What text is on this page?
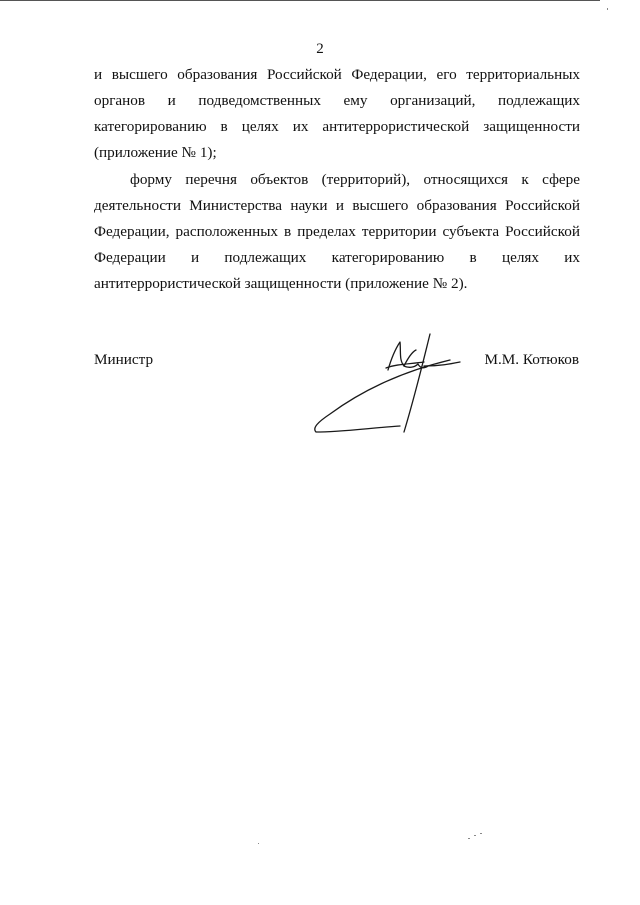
2
и высшего образования Российской Федерации, его территориальных
органов и подведомственных ему организаций, подлежащих
категорированию в целях их антитеррористической защищенности
(приложение № 1);
форму перечня объектов (территорий), относящихся к сфере
деятельности Министерства науки и высшего образования Российской
Федерации, расположенных в пределах территории субъекта Российской
Федерации и подлежащих категорированию в целях их
антитеррористической защищенности (приложение № 2).
Министр	М.М. Котюков
